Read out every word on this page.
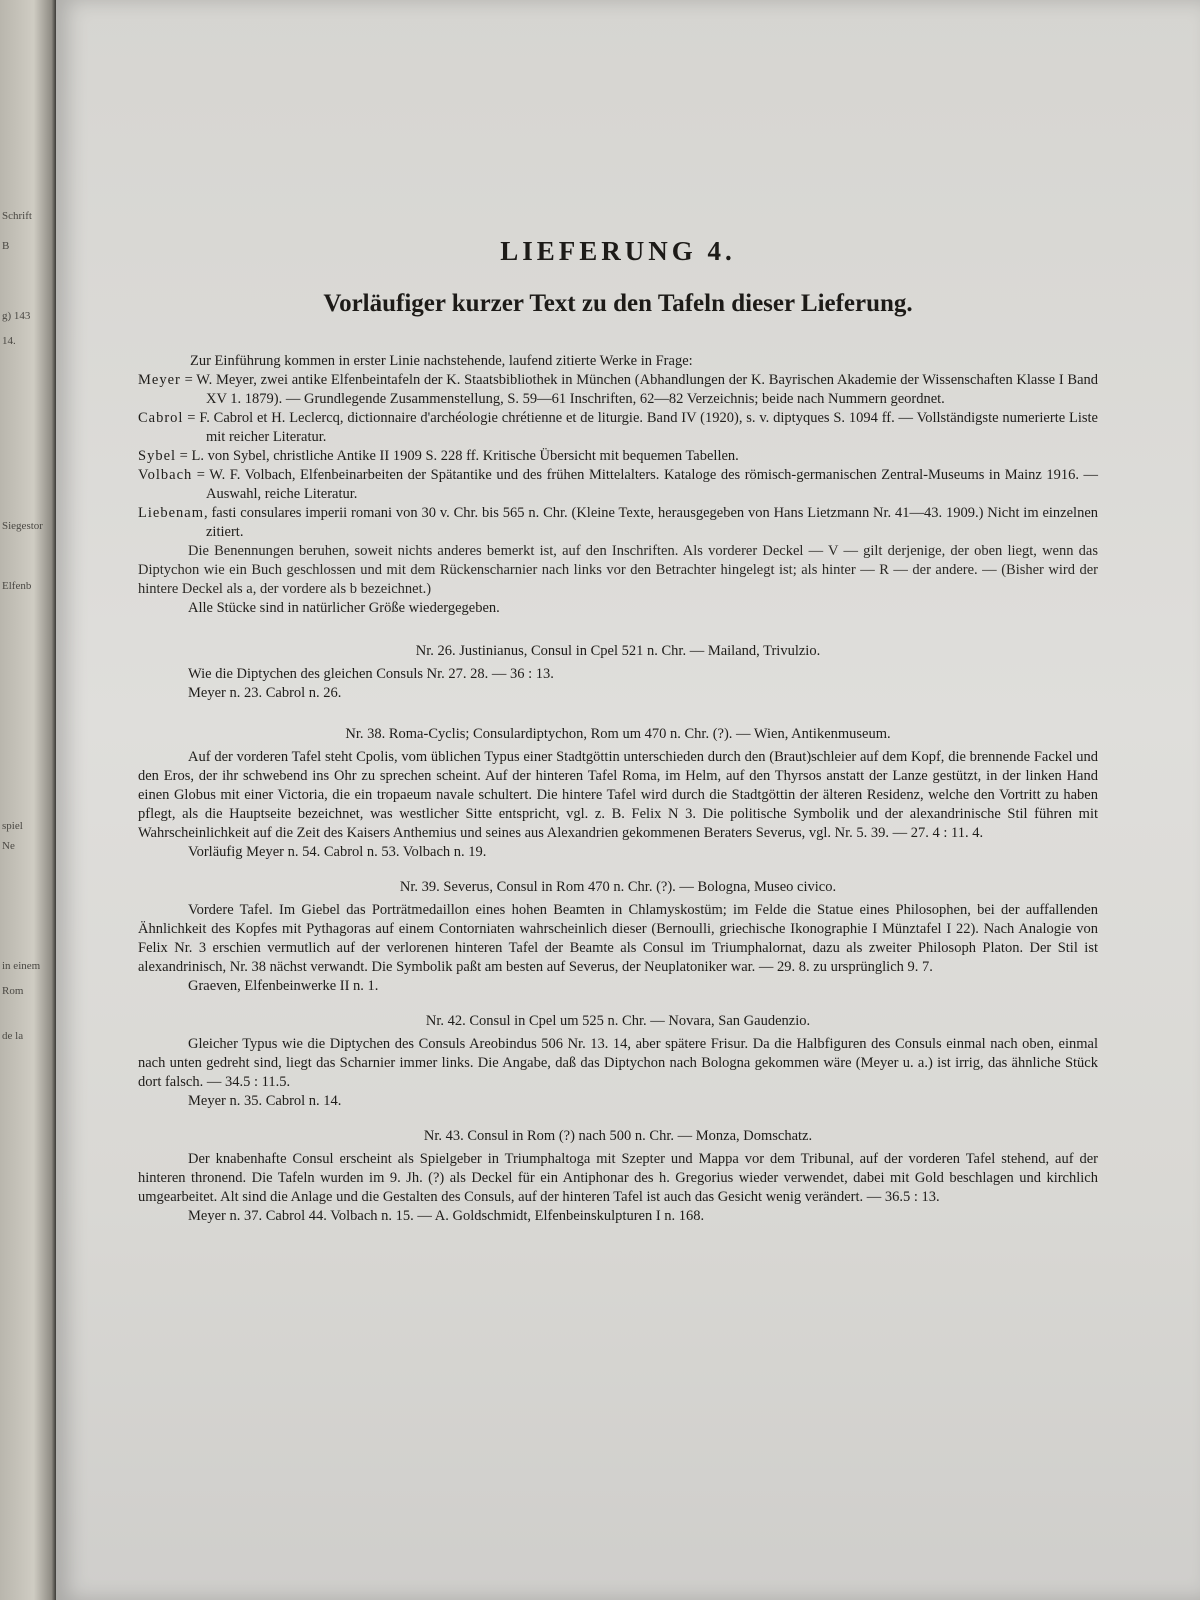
Schrift
B
g) 143
14.
Siegestor
Elfenb
spiel
Ne
in einem
Rom
de la
LIEFERUNG 4.
Vorläufiger kurzer Text zu den Tafeln dieser Lieferung.

Zur Einführung kommen in erster Linie nachstehende, laufend zitierte Werke in Frage:

Meyer = W. Meyer, zwei antike Elfenbeintafeln der K. Staatsbibliothek in München (Abhandlungen der K. Bayrischen Akademie der Wissenschaften Klasse I Band XV 1. 1879). — Grundlegende Zusammenstellung, S. 59—61 Inschriften, 62—82 Verzeichnis; beide nach Nummern geordnet.

Cabrol = F. Cabrol et H. Leclercq, dictionnaire d'archéologie chrétienne et de liturgie. Band IV (1920), s. v. diptyques S. 1094 ff. — Vollständigste numerierte Liste mit reicher Literatur.

Sybel = L. von Sybel, christliche Antike II 1909 S. 228 ff. Kritische Übersicht mit bequemen Tabellen.

Volbach = W. F. Volbach, Elfenbeinarbeiten der Spätantike und des frühen Mittelalters. Kataloge des römisch-germanischen Zentral-Museums in Mainz 1916. — Auswahl, reiche Literatur.

Liebenam, fasti consulares imperii romani von 30 v. Chr. bis 565 n. Chr. (Kleine Texte, herausgegeben von Hans Lietzmann Nr. 41—43. 1909.) Nicht im einzelnen zitiert.

Die Benennungen beruhen, soweit nichts anderes bemerkt ist, auf den Inschriften. Als vorderer Deckel — V — gilt derjenige, der oben liegt, wenn das Diptychon wie ein Buch geschlossen und mit dem Rückenscharnier nach links vor den Betrachter hingelegt ist; als hinter — R — der andere. — (Bisher wird der hintere Deckel als a, der vordere als b bezeichnet.)

Alle Stücke sind in natürlicher Größe wiedergegeben.

Nr. 26. Justinianus, Consul in Cpel 521 n. Chr. — Mailand, Trivulzio.

Wie die Diptychen des gleichen Consuls Nr. 27. 28. — 36 : 13.

Meyer n. 23. Cabrol n. 26.

Nr. 38. Roma-Cyclis; Consulardiptychon, Rom um 470 n. Chr. (?). — Wien, Antikenmuseum.

Auf der vorderen Tafel steht Cpolis, vom üblichen Typus einer Stadtgöttin unterschieden durch den (Braut)schleier auf dem Kopf, die brennende Fackel und den Eros, der ihr schwebend ins Ohr zu sprechen scheint. Auf der hinteren Tafel Roma, im Helm, auf den Thyrsos anstatt der Lanze gestützt, in der linken Hand einen Globus mit einer Victoria, die ein tropaeum navale schultert. Die hintere Tafel wird durch die Stadtgöttin der älteren Residenz, welche den Vortritt zu haben pflegt, als die Hauptseite bezeichnet, was westlicher Sitte entspricht, vgl. z. B. Felix N 3. Die politische Symbolik und der alexandrinische Stil führen mit Wahrscheinlichkeit auf die Zeit des Kaisers Anthemius und seines aus Alexandrien gekommenen Beraters Severus, vgl. Nr. 5. 39. — 27. 4 : 11. 4.

Vorläufig Meyer n. 54. Cabrol n. 53. Volbach n. 19.

Nr. 39. Severus, Consul in Rom 470 n. Chr. (?). — Bologna, Museo civico.

Vordere Tafel. Im Giebel das Porträtmedaillon eines hohen Beamten in Chlamyskostüm; im Felde die Statue eines Philosophen, bei der auffallenden Ähnlichkeit des Kopfes mit Pythagoras auf einem Contorniaten wahrscheinlich dieser (Bernoulli, griechische Ikonographie I Münztafel I 22). Nach Analogie von Felix Nr. 3 erschien vermutlich auf der verlorenen hinteren Tafel der Beamte als Consul im Triumphalornat, dazu als zweiter Philosoph Platon. Der Stil ist alexandrinisch, Nr. 38 nächst verwandt. Die Symbolik paßt am besten auf Severus, der Neuplatoniker war. — 29. 8. zu ursprünglich 9. 7.

Graeven, Elfenbeinwerke II n. 1.

Nr. 42. Consul in Cpel um 525 n. Chr. — Novara, San Gaudenzio.

Gleicher Typus wie die Diptychen des Consuls Areobindus 506 Nr. 13. 14, aber spätere Frisur. Da die Halbfiguren des Consuls einmal nach oben, einmal nach unten gedreht sind, liegt das Scharnier immer links. Die Angabe, daß das Diptychon nach Bologna gekommen wäre (Meyer u. a.) ist irrig, das ähnliche Stück dort falsch. — 34.5 : 11.5.

Meyer n. 35. Cabrol n. 14.

Nr. 43. Consul in Rom (?) nach 500 n. Chr. — Monza, Domschatz.

Der knabenhafte Consul erscheint als Spielgeber in Triumphaltoga mit Szepter und Mappa vor dem Tribunal, auf der vorderen Tafel stehend, auf der hinteren thronend. Die Tafeln wurden im 9. Jh. (?) als Deckel für ein Antiphonar des h. Gregorius wieder verwendet, dabei mit Gold beschlagen und kirchlich umgearbeitet. Alt sind die Anlage und die Gestalten des Consuls, auf der hinteren Tafel ist auch das Gesicht wenig verändert. — 36.5 : 13.

Meyer n. 37. Cabrol 44. Volbach n. 15. — A. Goldschmidt, Elfenbeinskulpturen I n. 168.
